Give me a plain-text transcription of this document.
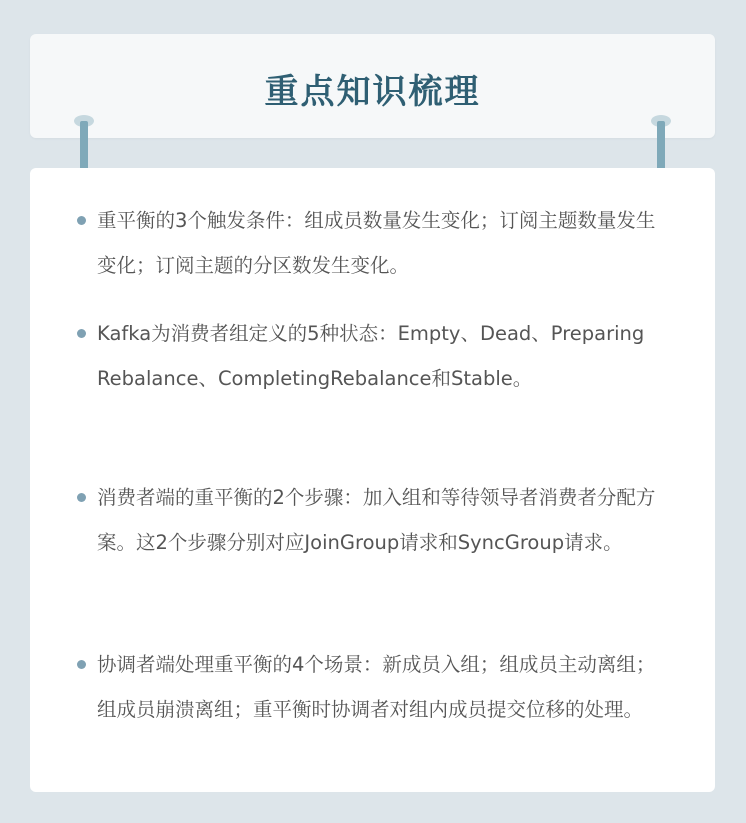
重点知识梳理

重平衡的3个触发条件：组成员数量发生变化；订阅主题数量发生变化；订阅主题的分区数发生变化。

Kafka为消费者组定义的5种状态：Empty、Dead、PreparingRebalance、CompletingRebalance和Stable。

消费者端的重平衡的2个步骤：加入组和等待领导者消费者分配方案。这2个步骤分别对应JoinGroup请求和SyncGroup请求。

协调者端处理重平衡的4个场景：新成员入组；组成员主动离组；组成员崩溃离组；重平衡时协调者对组内成员提交位移的处理。
